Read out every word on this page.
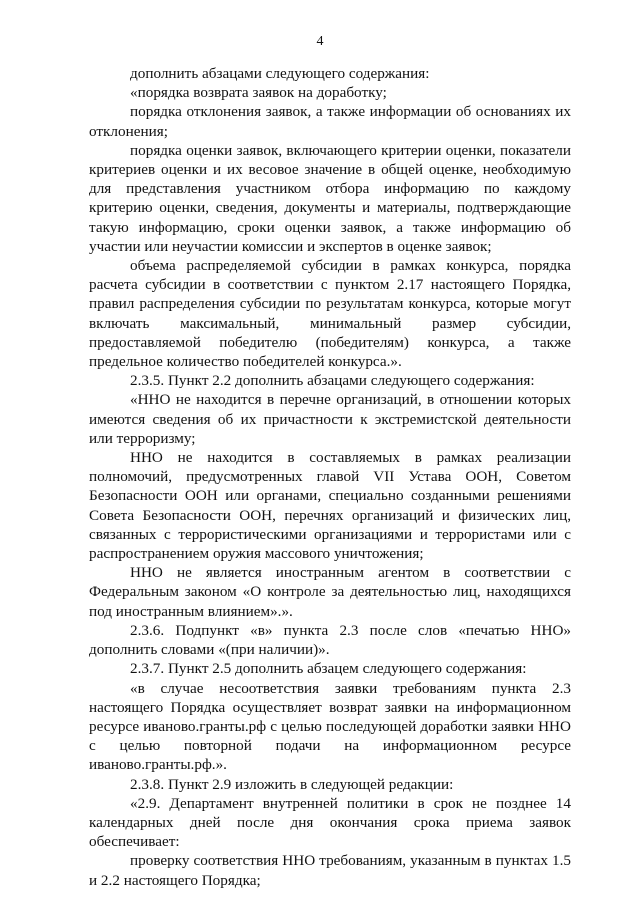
4

дополнить абзацами следующего содержания:

«порядка возврата заявок на доработку;

порядка отклонения заявок, а также информации об основаниях их отклонения;

порядка оценки заявок, включающего критерии оценки, показатели критериев оценки и их весовое значение в общей оценке, необходимую для представления участником отбора информацию по каждому критерию оценки, сведения, документы и материалы, подтверждающие такую информацию, сроки оценки заявок, а также информацию об участии или неучастии комиссии и экспертов в оценке заявок;

объема распределяемой субсидии в рамках конкурса, порядка расчета субсидии в соответствии с пунктом 2.17 настоящего Порядка, правил распределения субсидии по результатам конкурса, которые могут включать максимальный, минимальный размер субсидии, предоставляемой победителю (победителям) конкурса, а также предельное количество победителей конкурса.».

2.3.5. Пункт 2.2 дополнить абзацами следующего содержания:

«ННО не находится в перечне организаций, в отношении которых имеются сведения об их причастности к экстремистской деятельности или терроризму;

ННО не находится в составляемых в рамках реализации полномочий, предусмотренных главой VII Устава ООН, Советом Безопасности ООН или органами, специально созданными решениями Совета Безопасности ООН, перечнях организаций и физических лиц, связанных с террористическими организациями и террористами или с распространением оружия массового уничтожения;

ННО не является иностранным агентом в соответствии с Федеральным законом «О контроле за деятельностью лиц, находящихся под иностранным влиянием».».

2.3.6. Подпункт «в» пункта 2.3 после слов «печатью ННО» дополнить словами «(при наличии)».

2.3.7. Пункт 2.5 дополнить абзацем следующего содержания:

«в случае несоответствия заявки требованиям пункта 2.3 настоящего Порядка осуществляет возврат заявки на информационном ресурсе иваново.гранты.рф с целью последующей доработки заявки ННО с целью повторной подачи на информационном ресурсе иваново.гранты.рф.».

2.3.8. Пункт 2.9 изложить в следующей редакции:

«2.9. Департамент внутренней политики в срок не позднее 14 календарных дней после дня окончания срока приема заявок обеспечивает:

проверку соответствия ННО требованиям, указанным в пунктах 1.5 и 2.2 настоящего Порядка;
